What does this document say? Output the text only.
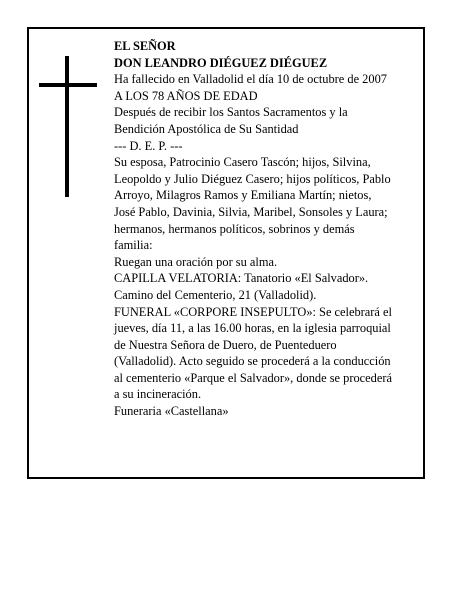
EL SEÑOR
DON LEANDRO DIÉGUEZ DIÉGUEZ
Ha fallecido en Valladolid el día 10 de octubre de 2007
A LOS 78 AÑOS DE EDAD
Después de recibir los Santos Sacramentos y la
Bendición Apostólica de Su Santidad
--- D. E. P. ---
Su esposa, Patrocinio Casero Tascón; hijos, Silvina,
Leopoldo y Julio Diéguez Casero; hijos políticos, Pablo
Arroyo, Milagros Ramos y Emiliana Martín; nietos,
José Pablo, Davinia, Silvia, Maribel, Sonsoles y Laura;
hermanos, hermanos políticos, sobrinos y demás
familia:
Ruegan una oración por su alma.
CAPILLA VELATORIA: Tanatorio «El Salvador».
Camino del Cementerio, 21 (Valladolid).
FUNERAL «CORPORE INSEPULTO»: Se celebrará el
jueves, día 11, a las 16.00 horas, en la iglesia parroquial
de Nuestra Señora de Duero, de Puenteduero
(Valladolid). Acto seguido se procederá a la conducción
al cementerio «Parque el Salvador», donde se procederá
a su incineración.
Funeraria «Castellana»
